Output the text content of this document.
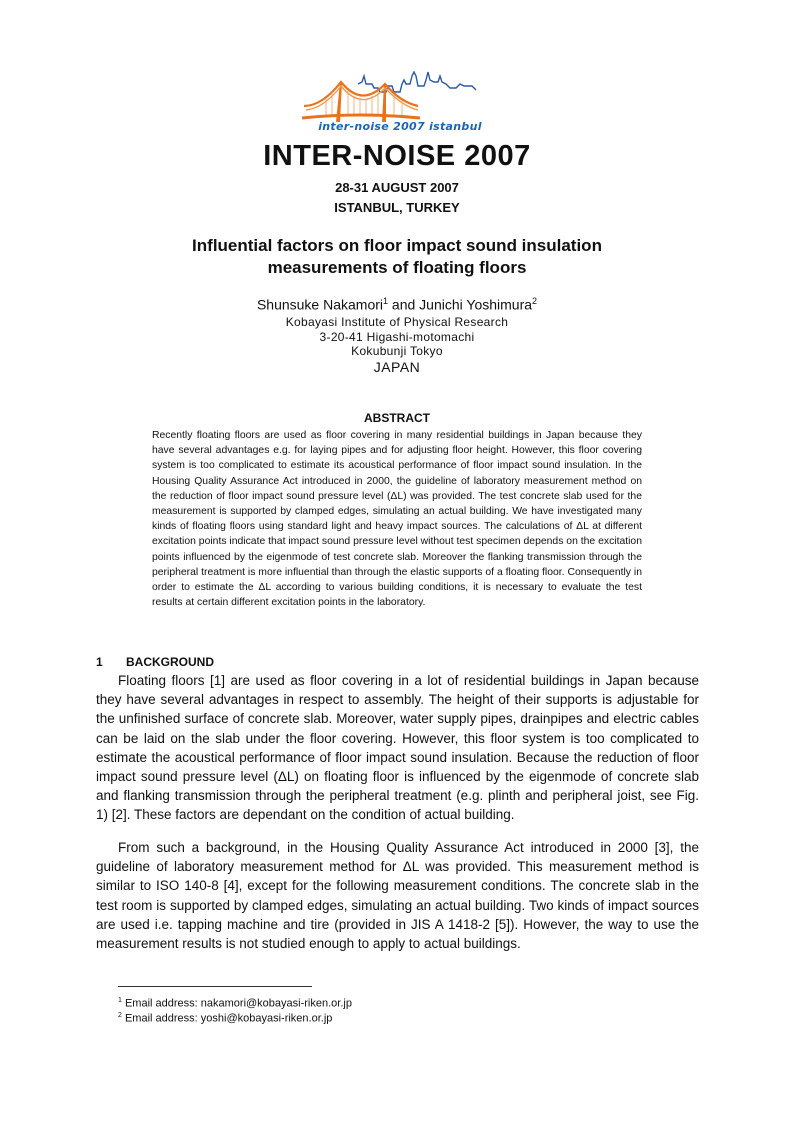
inter-noise 2007 istanbul
INTER-NOISE 2007
28-31 AUGUST 2007
ISTANBUL, TURKEY
Influential factors on floor impact sound insulation measurements of floating floors
Shunsuke Nakamori$^1$ and Junichi Yoshimura$^2$
Kobayasi Institute of Physical Research
3-20-41 Higashi-motomachi
Kokubunji Tokyo
JAPAN
ABSTRACT
Recently floating floors are used as floor covering in many residential buildings in Japan because they have several advantages e.g. for laying pipes and for adjusting floor height. However, this floor covering system is too complicated to estimate its acoustical performance of floor impact sound insulation. In the Housing Quality Assurance Act introduced in 2000, the guideline of laboratory measurement method on the reduction of floor impact sound pressure level (ΔL) was provided. The test concrete slab used for the measurement is supported by clamped edges, simulating an actual building. We have investigated many kinds of floating floors using standard light and heavy impact sources. The calculations of ΔL at different excitation points indicate that impact sound pressure level without test specimen depends on the excitation points influenced by the eigenmode of test concrete slab. Moreover the flanking transmission through the peripheral treatment is more influential than through the elastic supports of a floating floor. Consequently in order to estimate the ΔL according to various building conditions, it is necessary to evaluate the test results at certain different excitation points in the laboratory.
1 BACKGROUND
Floating floors [1] are used as floor covering in a lot of residential buildings in Japan because they have several advantages in respect to assembly. The height of their supports is adjustable for the unfinished surface of concrete slab. Moreover, water supply pipes, drainpipes and electric cables can be laid on the slab under the floor covering. However, this floor system is too complicated to estimate the acoustical performance of floor impact sound insulation. Because the reduction of floor impact sound pressure level (ΔL) on floating floor is influenced by the eigenmode of concrete slab and flanking transmission through the peripheral treatment (e.g. plinth and peripheral joist, see Fig. 1) [2]. These factors are dependant on the condition of actual building.
From such a background, in the Housing Quality Assurance Act introduced in 2000 [3], the guideline of laboratory measurement method for ΔL was provided. This measurement method is similar to ISO 140-8 [4], except for the following measurement conditions. The concrete slab in the test room is supported by clamped edges, simulating an actual building. Two kinds of impact sources are used i.e. tapping machine and tire (provided in JIS A 1418-2 [5]). However, the way to use the measurement results is not studied enough to apply to actual buildings.
$^1$ Email address: nakamori@kobayasi-riken.or.jp
$^2$ Email address: yoshi@kobayasi-riken.or.jp
